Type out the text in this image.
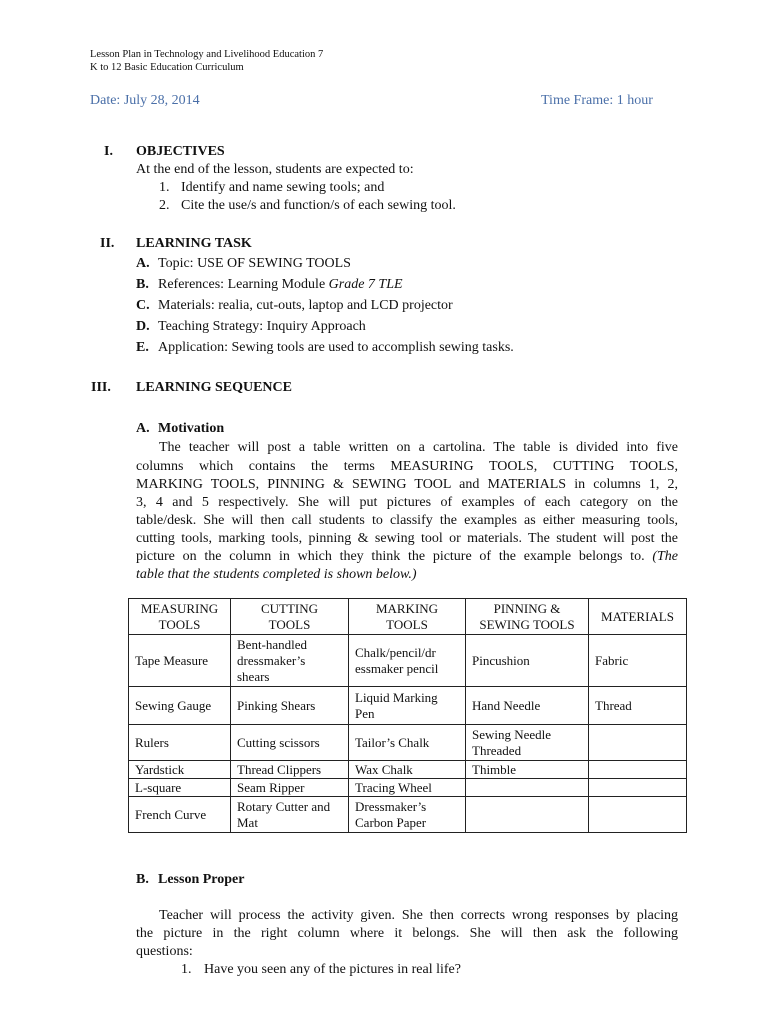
Lesson Plan in Technology and Livelihood Education 7
K to 12 Basic Education Curriculum
Date: July 28, 2014	Time Frame: 1 hour
I. OBJECTIVES
At the end of the lesson, students are expected to:
1. Identify and name sewing tools; and
2. Cite the use/s and function/s of each sewing tool.
II. LEARNING TASK
A. Topic: USE OF SEWING TOOLS
B. References: Learning Module Grade 7 TLE
C. Materials: realia, cut-outs, laptop and LCD projector
D. Teaching Strategy: Inquiry Approach
E. Application: Sewing tools are used to accomplish sewing tasks.
III. LEARNING SEQUENCE
A. Motivation
The teacher will post a table written on a cartolina. The table is divided into five
columns which contains the terms MEASURING TOOLS, CUTTING TOOLS,
MARKING TOOLS, PINNING & SEWING TOOL and MATERIALS in columns 1, 2,
3, 4 and 5 respectively. She will put pictures of examples of each category on the
table/desk. She will then call students to classify the examples as either measuring tools,
cutting tools, marking tools, pinning & sewing tool or materials. The student will post the
picture on the column in which they think the picture of the example belongs to. (The
table that the students completed is shown below.)
MEASURING
TOOLS	CUTTING
TOOLS	MARKING
TOOLS	PINNING &
SEWING TOOLS	MATERIALS
Tape Measure	Bent-handled
dressmaker’s
shears	Chalk/pencil/dr
essmaker pencil	Pincushion	Fabric
Sewing Gauge	Pinking Shears	Liquid Marking
Pen	Hand Needle	Thread
Rulers	Cutting scissors	Tailor’s Chalk	Sewing Needle
Threaded	
Yardstick	Thread Clippers	Wax Chalk	Thimble	
L-square	Seam Ripper	Tracing Wheel		
French Curve	Rotary Cutter and
Mat	Dressmaker’s
Carbon Paper		
B. Lesson Proper
Teacher will process the activity given. She then corrects wrong responses by placing
the picture in the right column where it belongs. She will then ask the following
questions:
1. Have you seen any of the pictures in real life?
